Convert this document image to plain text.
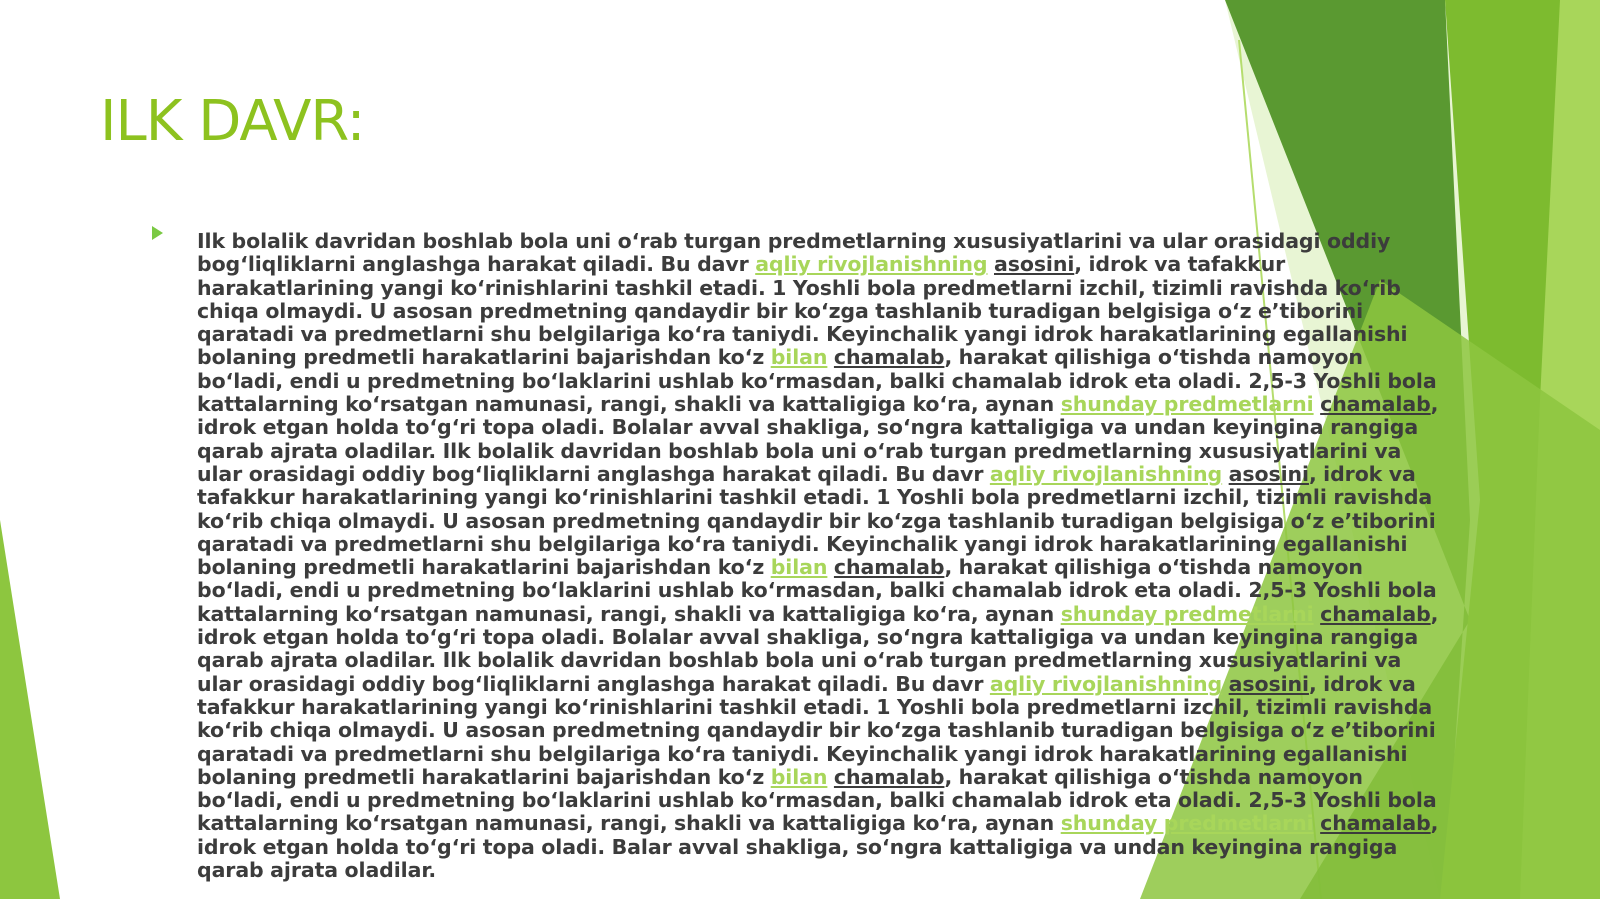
ILK DAVR:

Ilk bolalik davridan boshlab bola uni o‘rab turgan predmetlarning xususiyatlarini va ular orasidagi oddiy bog‘liqliklarni anglashga harakat qiladi. Bu davr aqliy rivojlanishning asosini, idrok va tafakkur harakatlarining yangi ko‘rinishlarini tashkil etadi. 1 Yoshli bola predmetlarni izchil, tizimli ravishda ko‘rib chiqa olmaydi. U asosan predmetning qandaydir bir ko‘zga tashlanib turadigan belgisiga o‘z e’tiborini qaratadi va predmetlarni shu belgilariga ko‘ra taniydi. Keyinchalik yangi idrok harakatlarining egallanishi bolaning predmetli harakatlarini bajarishdan ko‘z bilan chamalab, harakat qilishiga o‘tishda namoyon bo‘ladi, endi u predmetning bo‘laklarini ushlab ko‘rmasdan, balki chamalab idrok eta oladi. 2,5-3 Yoshli bola kattalarning ko‘rsatgan namunasi, rangi, shakli va kattaligiga ko‘ra, aynan shunday predmetlarni chamalab, idrok etgan holda to‘g‘ri topa oladi. Bolalar avval shakliga, so‘ngra kattaligiga va undan keyingina rangiga qarab ajrata oladilar. Ilk bolalik davridan boshlab bola uni o‘rab turgan predmetlarning xususiyatlarini va ular orasidagi oddiy bog‘liqliklarni anglashga harakat qiladi. Bu davr aqliy rivojlanishning asosini, idrok va tafakkur harakatlarining yangi ko‘rinishlarini tashkil etadi. 1 Yoshli bola predmetlarni izchil, tizimli ravishda ko‘rib chiqa olmaydi. U asosan predmetning qandaydir bir ko‘zga tashlanib turadigan belgisiga o‘z e’tiborini qaratadi va predmetlarni shu belgilariga ko‘ra taniydi. Keyinchalik yangi idrok harakatlarining egallanishi bolaning predmetli harakatlarini bajarishdan ko‘z bilan chamalab, harakat qilishiga o‘tishda namoyon bo‘ladi, endi u predmetning bo‘laklarini ushlab ko‘rmasdan, balki chamalab idrok eta oladi. 2,5-3 Yoshli bola kattalarning ko‘rsatgan namunasi, rangi, shakli va kattaligiga ko‘ra, aynan shunday predmetlarni chamalab, idrok etgan holda to‘g‘ri topa oladi. Bolalar avval shakliga, so‘ngra kattaligiga va undan keyingina rangiga qarab ajrata oladilar. Ilk bolalik davridan boshlab bola uni o‘rab turgan predmetlarning xususiyatlarini va ular orasidagi oddiy bog‘liqliklarni anglashga harakat qiladi. Bu davr aqliy rivojlanishning asosini, idrok va tafakkur harakatlarining yangi ko‘rinishlarini tashkil etadi. 1 Yoshli bola predmetlarni izchil, tizimli ravishda ko‘rib chiqa olmaydi. U asosan predmetning qandaydir bir ko‘zga tashlanib turadigan belgisiga o‘z e’tiborini qaratadi va predmetlarni shu belgilariga ko‘ra taniydi. Keyinchalik yangi idrok harakatlarining egallanishi bolaning predmetli harakatlarini bajarishdan ko‘z bilan chamalab, harakat qilishiga o‘tishda namoyon bo‘ladi, endi u predmetning bo‘laklarini ushlab ko‘rmasdan, balki chamalab idrok eta oladi. 2,5-3 Yoshli bola kattalarning ko‘rsatgan namunasi, rangi, shakli va kattaligiga ko‘ra, aynan shunday predmetlarni chamalab, idrok etgan holda to‘g‘ri topa oladi. Balar avval shakliga, so‘ngra kattaligiga va undan keyingina rangiga qarab ajrata oladilar.
